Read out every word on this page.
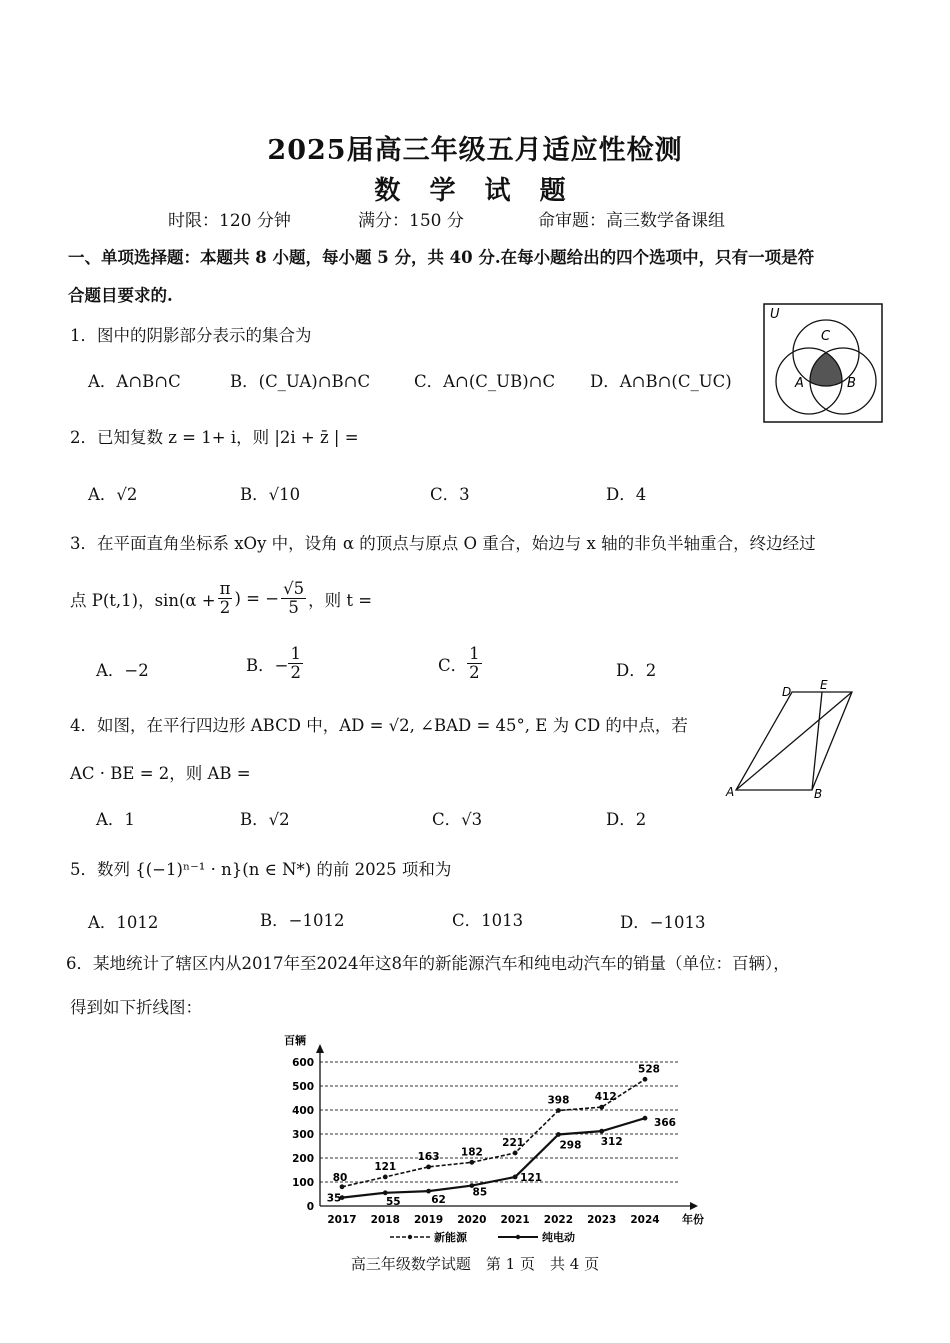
2025届高三年级五月适应性检测
数 学 试 题
时限：120 分钟	满分：150 分	命审题：高三数学备课组
一、单项选择题：本题共 8 小题，每小题 5 分，共 40 分.在每小题给出的四个选项中，只有一项是符
合题目要求的.
1．图中的阴影部分表示的集合为
A．A∩B∩C	B．(C_UA)∩B∩C	C．A∩(C_UB)∩C D．A∩B∩(C_UC)
U
A	B
C
2．已知复数 z = 1+ i，则 |2i + z̄ | =
A．√2	B．√10	C．3	D．4
3．在平面直角坐标系 xOy 中，设角 α 的顶点与原点 O 重合，始边与 x 轴的非负半轴重合，终边经过
点 P(t,1)，$\sin(\alpha + \frac{\pi}{2}$ ) = − $\frac{√5}{5}$ ，则 t =
A．−2	B．− $\frac{1}{2}$	C． $\frac{1}{2}$	D．2
A	B
D E
4．如图，在平行四边形 ABCD 中，AD = √2, ∠BAD = 45°, E 为 CD 的中点，若
AC · BE = 2，则 AB =
A．1	B．√2	C．√3	D．2
5．数列 {(−1)ⁿ⁻¹ · n}(n ∈ N*) 的前 2025 项和为
A．1012	B．−1012	C．1013	D．−1013
6．某地统计了辖区内从2017年至2024年这8年的新能源汽车和纯电动汽车的销量（单位：百辆），
得到如下折线图：
百辆
年份
0
100
200
300
400
500
600
2017 2018 2019 2020 2021 2022 2023 2024
80
121
163 182
221
398 412
528
35	55	62
85
121
298 312
366
新能源	纯电动
高三年级数学试题　第 1 页　共 4 页
